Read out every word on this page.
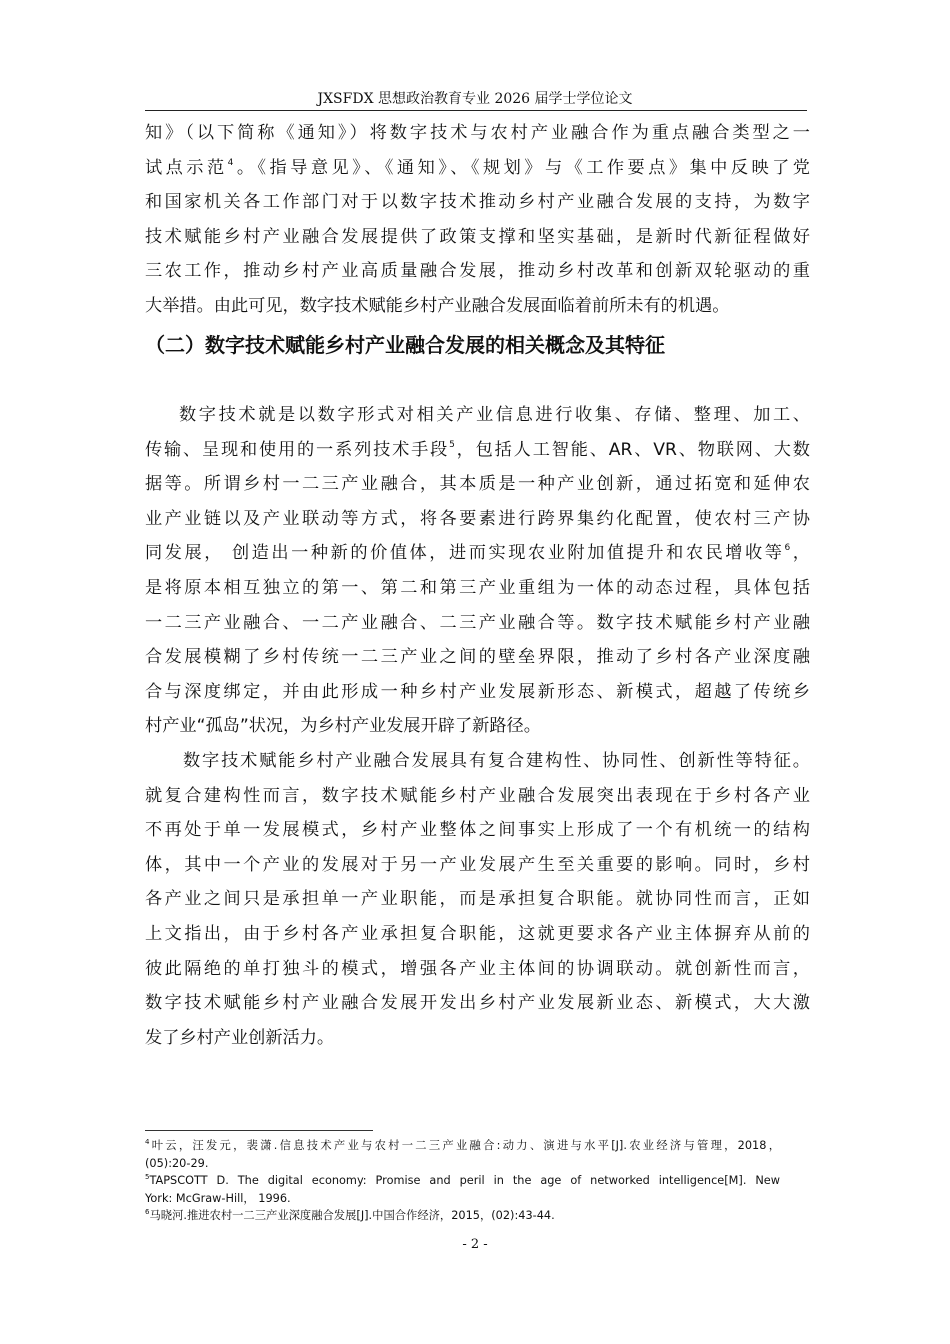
JXSFDX 思想政治教育专业 2026 届学士学位论文
知》（以下简称《通知》）将数字技术与农村产业融合作为重点融合类型之一
试点示范$^4$。《指导意见》、《通知》、《规划》与《工作要点》集中反映了党
和国家机关各工作部门对于以数字技术推动乡村产业融合发展的支持，为数字
技术赋能乡村产业融合发展提供了政策支撑和坚实基础，是新时代新征程做好
三农工作，推动乡村产业高质量融合发展，推动乡村改革和创新双轮驱动的重
大举措。由此可见，数字技术赋能乡村产业融合发展面临着前所未有的机遇。
（二）数字技术赋能乡村产业融合发展的相关概念及其特征
数字技术就是以数字形式对相关产业信息进行收集、存储、整理、加工、
传输、呈现和使用的一系列技术手段$^5$，包括人工智能、AR、VR、物联网、大数
据等。所谓乡村一二三产业融合，其本质是一种产业创新，通过拓宽和延伸农
业产业链以及产业联动等方式，将各要素进行跨界集约化配置，使农村三产协
同发展， 创造出一种新的价值体，进而实现农业附加值提升和农民增收等$^6$，
是将原本相互独立的第一、第二和第三产业重组为一体的动态过程，具体包括
一二三产业融合、一二产业融合、二三产业融合等。数字技术赋能乡村产业融
合发展模糊了乡村传统一二三产业之间的壁垒界限，推动了乡村各产业深度融
合与深度绑定，并由此形成一种乡村产业发展新形态、新模式，超越了传统乡
村产业“孤岛”状况，为乡村产业发展开辟了新路径。
数字技术赋能乡村产业融合发展具有复合建构性、协同性、创新性等特征。
就复合建构性而言，数字技术赋能乡村产业融合发展突出表现在于乡村各产业
不再处于单一发展模式，乡村产业整体之间事实上形成了一个有机统一的结构
体，其中一个产业的发展对于另一产业发展产生至关重要的影响。同时，乡村
各产业之间只是承担单一产业职能，而是承担复合职能。就协同性而言，正如
上文指出，由于乡村各产业承担复合职能，这就更要求各产业主体摒弃从前的
彼此隔绝的单打独斗的模式，增强各产业主体间的协调联动。就创新性而言，
数字技术赋能乡村产业融合发展开发出乡村产业发展新业态、新模式，大大激
发了乡村产业创新活力。
$^4$叶云，汪发元，裴潇.信息技术产业与农村一二三产业融合:动力、演进与水平[J].农业经济与管理，2018，
(05):20-29.
$^5$TAPSCOTT D. The digital economy: Promise and peril in the age of networked intelligence[M]. New
York: McGraw-Hill， 1996.
$^6$马晓河.推进农村一二三产业深度融合发展[J].中国合作经济，2015，(02):43-44.
- 2 -
